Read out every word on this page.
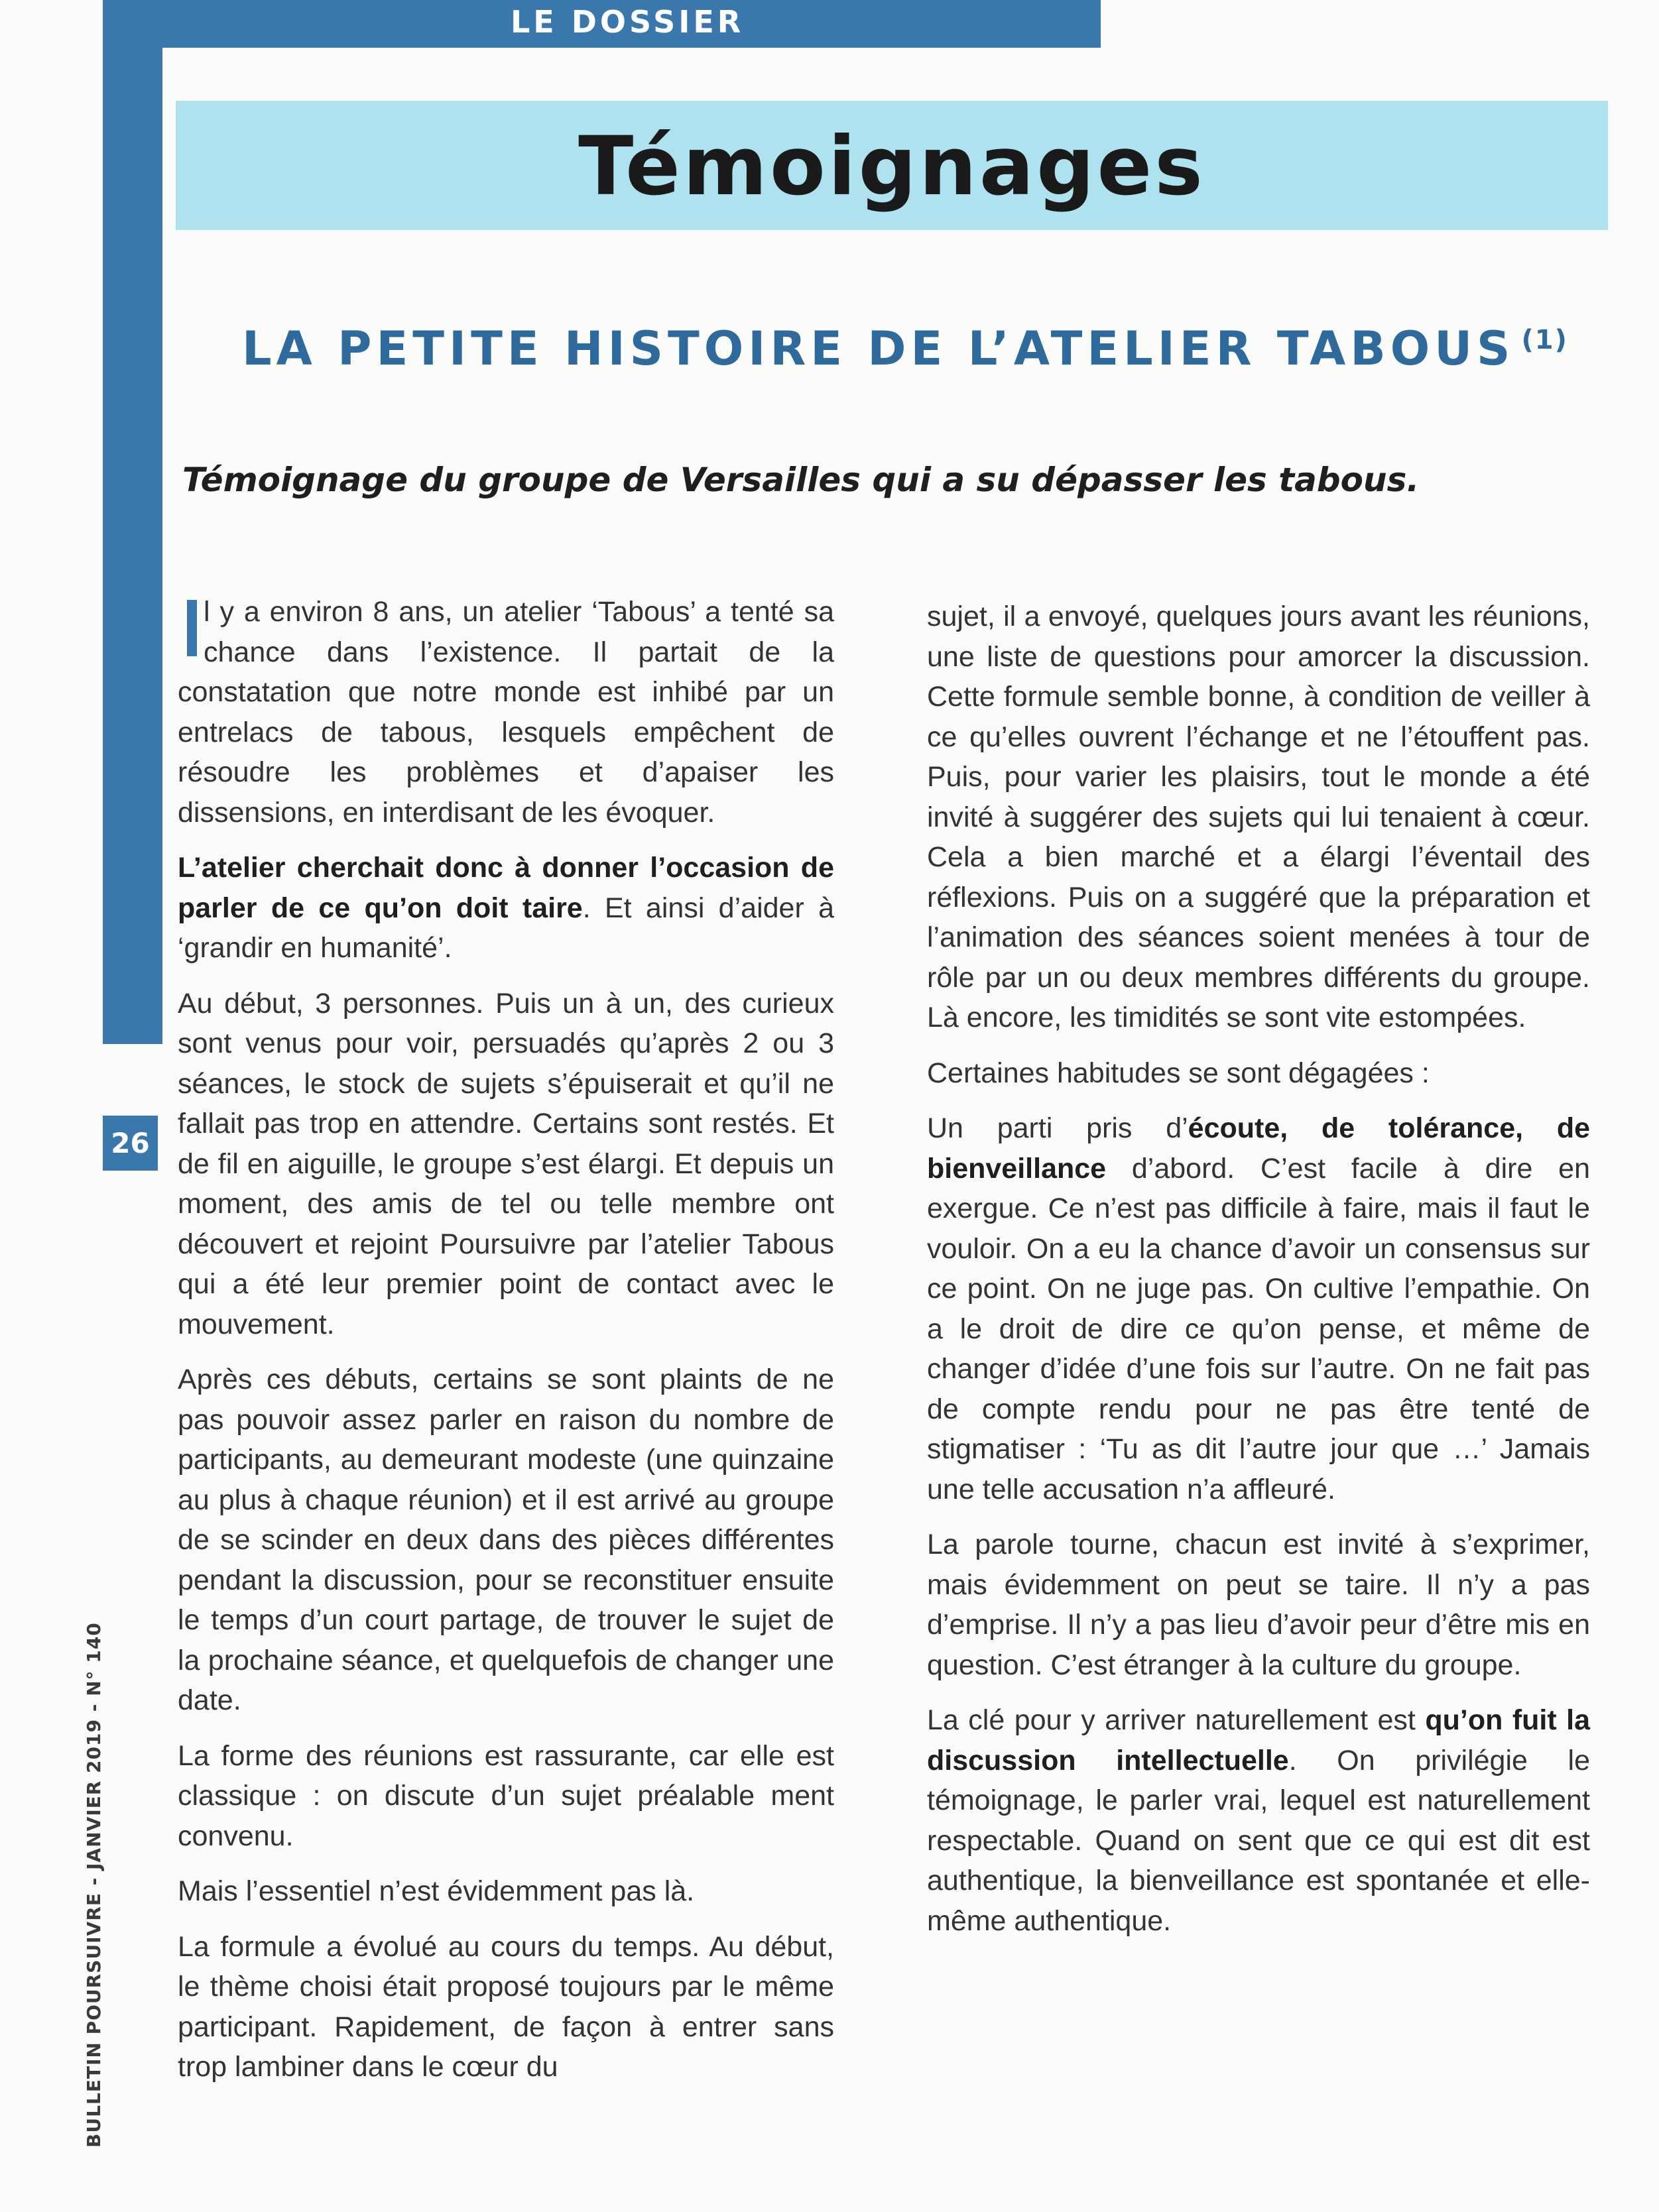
LE DOSSIER
Témoignages
LA PETITE HISTOIRE DE L’ATELIER TABOUS $^{(1)}$
Témoignage du groupe de Versailles qui a su dépasser les tabous.
26
BULLETIN POURSUIVRE - JANVIER 2019 - N° 140

l y a environ 8 ans, un atelier ‘Tabous’ a tenté sa chance dans l’existence. Il partait de la constatation que notre monde est inhibé par un entrelacs de tabous, lesquels empêchent de résoudre les problèmes et d’apaiser les dissensions, en interdisant de les évoquer.

L’atelier cherchait donc à donner l’occasion de parler de ce qu’on doit taire. Et ainsi d’aider à ‘grandir en humanité’.

Au début, 3 personnes. Puis un à un, des curieux sont venus pour voir, persuadés qu’après 2 ou 3 séances, le stock de sujets s’épuiserait et qu’il ne fallait pas trop en attendre. Certains sont restés. Et de fil en aiguille, le groupe s’est élargi. Et depuis un moment, des amis de tel ou telle membre ont découvert et rejoint Poursuivre par l’atelier Tabous qui a été leur premier point de contact avec le mouvement.

Après ces débuts, certains se sont plaints de ne pas pouvoir assez parler en raison du nombre de participants, au demeurant modeste (une quinzaine au plus à chaque réunion) et il est arrivé au groupe de se scinder en deux dans des pièces différentes pendant la discussion, pour se reconstituer ensuite le temps d’un court partage, de trouver le sujet de la prochaine séance, et quelquefois de changer une date.

La forme des réunions est rassurante, car elle est classique : on discute d’un sujet préalable ment convenu.

Mais l’essentiel n’est évidemment pas là.

La formule a évolué au cours du temps. Au début, le thème choisi était proposé toujours par le même participant. Rapidement, de façon à entrer sans trop lambiner dans le cœur du

sujet, il a envoyé, quelques jours avant les réunions, une liste de questions pour amorcer la discussion. Cette formule semble bonne, à condition de veiller à ce qu’elles ouvrent l’échange et ne l’étouffent pas. Puis, pour varier les plaisirs, tout le monde a été invité à suggérer des sujets qui lui tenaient à cœur. Cela a bien marché et a élargi l’éventail des réflexions. Puis on a suggéré que la préparation et l’animation des séances soient menées à tour de rôle par un ou deux membres différents du groupe. Là encore, les timidités se sont vite estompées.

Certaines habitudes se sont dégagées :

Un parti pris d’écoute, de tolérance, de bienveillance d’abord. C’est facile à dire en exergue. Ce n’est pas difficile à faire, mais il faut le vouloir. On a eu la chance d’avoir un consensus sur ce point. On ne juge pas. On cultive l’empathie. On a le droit de dire ce qu’on pense, et même de changer d’idée d’une fois sur l’autre. On ne fait pas de compte rendu pour ne pas être tenté de stigmatiser : ‘Tu as dit l’autre jour que …’ Jamais une telle accusation n’a affleuré.

La parole tourne, chacun est invité à s’exprimer, mais évidemment on peut se taire. Il n’y a pas d’emprise. Il n’y a pas lieu d’avoir peur d’être mis en question. C’est étranger à la culture du groupe.

La clé pour y arriver naturellement est qu’on fuit la discussion intellectuelle. On privilégie le témoignage, le parler vrai, lequel est naturellement respectable. Quand on sent que ce qui est dit est authentique, la bienveillance est spontanée et elle-même authentique.
